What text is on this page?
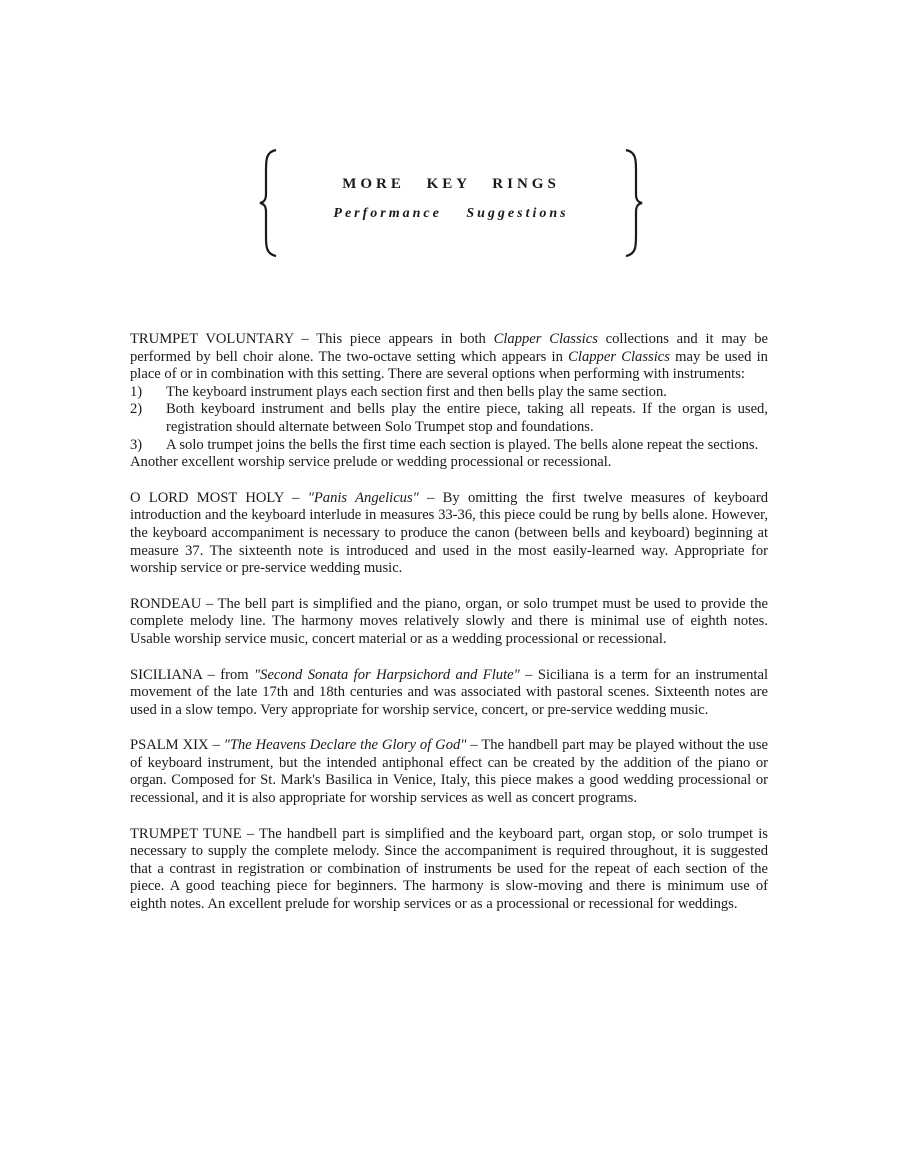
MORE KEY RINGS
Performance Suggestions
TRUMPET VOLUNTARY – This piece appears in both Clapper Classics collections and it may be performed by bell choir alone. The two-octave setting which appears in Clapper Classics may be used in place of or in combination with this setting. There are several options when performing with instruments:
1) The keyboard instrument plays each section first and then bells play the same section.
2) Both keyboard instrument and bells play the entire piece, taking all repeats. If the organ is used, registration should alternate between Solo Trumpet stop and foundations.
3) A solo trumpet joins the bells the first time each section is played. The bells alone repeat the sections.
Another excellent worship service prelude or wedding processional or recessional.
O LORD MOST HOLY – "Panis Angelicus" – By omitting the first twelve measures of keyboard introduction and the keyboard interlude in measures 33-36, this piece could be rung by bells alone. However, the keyboard accompaniment is necessary to produce the canon (between bells and keyboard) beginning at measure 37. The sixteenth note is introduced and used in the most easily-learned way. Appropriate for worship service or pre-service wedding music.
RONDEAU – The bell part is simplified and the piano, organ, or solo trumpet must be used to provide the complete melody line. The harmony moves relatively slowly and there is minimal use of eighth notes. Usable worship service music, concert material or as a wedding processional or recessional.
SICILIANA – from "Second Sonata for Harpsichord and Flute" – Siciliana is a term for an instrumental movement of the late 17th and 18th centuries and was associated with pastoral scenes. Sixteenth notes are used in a slow tempo. Very appropriate for worship service, concert, or pre-service wedding music.
PSALM XIX – "The Heavens Declare the Glory of God" – The handbell part may be played without the use of keyboard instrument, but the intended antiphonal effect can be created by the addition of the piano or organ. Composed for St. Mark's Basilica in Venice, Italy, this piece makes a good wedding processional or recessional, and it is also appropriate for worship services as well as concert programs.
TRUMPET TUNE – The handbell part is simplified and the keyboard part, organ stop, or solo trumpet is necessary to supply the complete melody. Since the accompaniment is required throughout, it is suggested that a contrast in registration or combination of instruments be used for the repeat of each section of the piece. A good teaching piece for beginners. The harmony is slow-moving and there is minimum use of eighth notes. An excellent prelude for worship services or as a processional or recessional for weddings.
